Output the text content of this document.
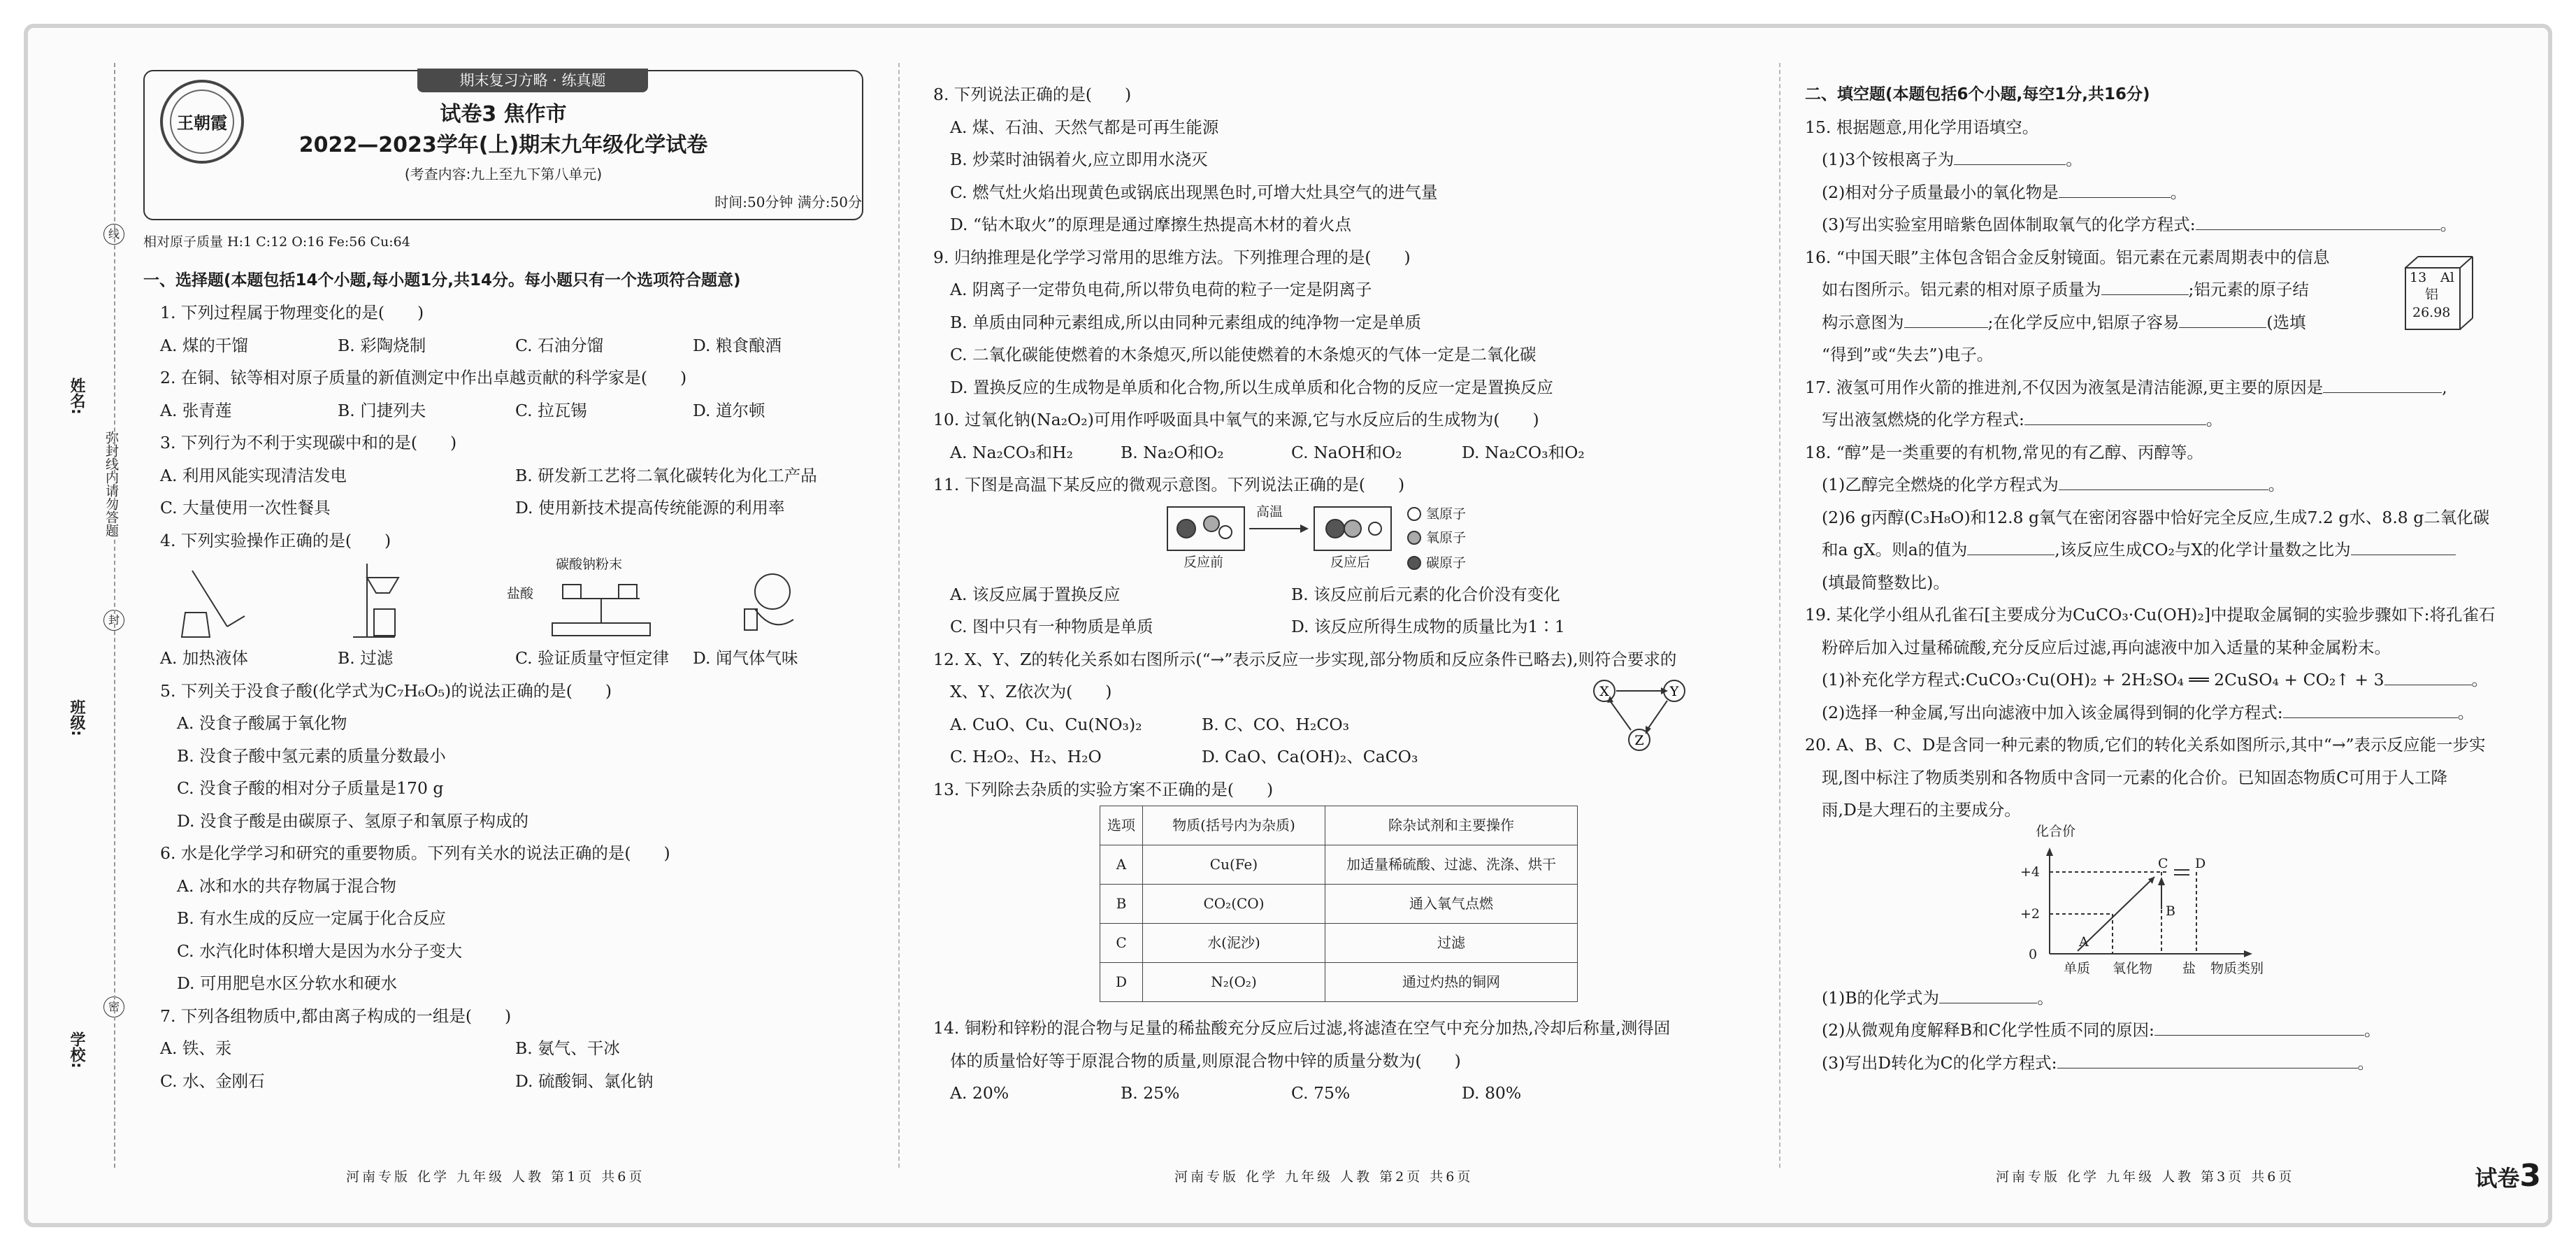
姓名:
班级:
学校:
线
封
密
弥封线内请勿答题
期末复习方略 · 练真题
王朝霞	试卷3 焦作市
2022—2023学年(上)期末九年级化学试卷
(考查内容:九上至九下第八单元)
时间:50分钟 满分:50分
相对原子质量 H:1 C:12 O:16 Fe:56 Cu:64
一、选择题(本题包括14个小题,每小题1分,共14分。每小题只有一个选项符合题意)
1. 下列过程属于物理变化的是(　　)
A. 煤的干馏	B. 彩陶烧制	C. 石油分馏	D. 粮食酿酒
2. 在铜、铱等相对原子质量的新值测定中作出卓越贡献的科学家是(　　)
A. 张青莲	B. 门捷列夫	C. 拉瓦锡	D. 道尔顿
3. 下列行为不利于实现碳中和的是(　　)
A. 利用风能实现清洁发电	B. 研发新工艺将二氧化碳转化为化工产品
C. 大量使用一次性餐具	D. 使用新技术提高传统能源的利用率
4. 下列实验操作正确的是(　　)
碳酸钠粉末
盐酸
A. 加热液体	B. 过滤	C. 验证质量守恒定律	D. 闻气体气味
5. 下列关于没食子酸(化学式为C₇H₆O₅)的说法正确的是(　　)
A. 没食子酸属于氧化物
B. 没食子酸中氢元素的质量分数最小
C. 没食子酸的相对分子质量是170 g
D. 没食子酸是由碳原子、氢原子和氧原子构成的
6. 水是化学学习和研究的重要物质。下列有关水的说法正确的是(　　)
A. 冰和水的共存物属于混合物
B. 有水生成的反应一定属于化合反应
C. 水汽化时体积增大是因为水分子变大
D. 可用肥皂水区分软水和硬水
7. 下列各组物质中,都由离子构成的一组是(　　)
A. 铁、汞	B. 氨气、干冰
C. 水、金刚石	D. 硫酸铜、氯化钠
8. 下列说法正确的是(　　)
A. 煤、石油、天然气都是可再生能源
B. 炒菜时油锅着火,应立即用水浇灭
C. 燃气灶火焰出现黄色或锅底出现黑色时,可增大灶具空气的进气量
D. “钻木取火”的原理是通过摩擦生热提高木材的着火点
9. 归纳推理是化学学习常用的思维方法。下列推理合理的是(　　)
A. 阴离子一定带负电荷,所以带负电荷的粒子一定是阴离子
B. 单质由同种元素组成,所以由同种元素组成的纯净物一定是单质
C. 二氧化碳能使燃着的木条熄灭,所以能使燃着的木条熄灭的气体一定是二氧化碳
D. 置换反应的生成物是单质和化合物,所以生成单质和化合物的反应一定是置换反应
10. 过氧化钠(Na₂O₂)可用作呼吸面具中氧气的来源,它与水反应后的生成物为(　　)
A. Na₂CO₃和H₂	B. Na₂O和O₂	C. NaOH和O₂	D. Na₂CO₃和O₂
11. 下图是高温下某反应的微观示意图。下列说法正确的是(　　)
高温
反应前	反应后
氢原子
氧原子
碳原子
A. 该反应属于置换反应	B. 该反应前后元素的化合价没有变化
C. 图中只有一种物质是单质	D. 该反应所得生成物的质量比为1∶1
12. X、Y、Z的转化关系如右图所示(“→”表示反应一步实现,部分物质和反应条件已略去),则符合要求的
X、Y、Z依次为(　　)
A. CuO、Cu、Cu(NO₃)₂	B. C、CO、H₂CO₃
C. H₂O₂、H₂、H₂O	D. CaO、Ca(OH)₂、CaCO₃
X	Y
Z
13. 下列除去杂质的实验方案不正确的是(　　)
选项	物质(括号内为杂质)	除杂试剂和主要操作
A	Cu(Fe)	加适量稀硫酸、过滤、洗涤、烘干
B	CO₂(CO)	通入氧气点燃
C	水(泥沙)	过滤
D	N₂(O₂)	通过灼热的铜网
14. 铜粉和锌粉的混合物与足量的稀盐酸充分反应后过滤,将滤渣在空气中充分加热,冷却后称量,测得固
体的质量恰好等于原混合物的质量,则原混合物中锌的质量分数为(　　)
A. 20%	B. 25%	C. 75%	D. 80%
二、填空题(本题包括6个小题,每空1分,共16分)
15. 根据题意,用化学用语填空。
(1)3个铵根离子为	。
(2)相对分子质量最小的氧化物是	。
(3)写出实验室用暗紫色固体制取氧气的化学方程式:	。
16. “中国天眼”主体包含铝合金反射镜面。铝元素在元素周期表中的信息
如右图所示。铝元素的相对原子质量为	;铝元素的原子结
构示意图为	;在化学反应中,铝原子容易	(选填
“得到”或“失去”)电子。
13 Al
铝
26.98
17. 液氢可用作火箭的推进剂,不仅因为液氢是清洁能源,更主要的原因是	,
写出液氢燃烧的化学方程式:	。
18. “醇”是一类重要的有机物,常见的有乙醇、丙醇等。
(1)乙醇完全燃烧的化学方程式为	。
(2)6 g丙醇(C₃H₈O)和12.8 g氧气在密闭容器中恰好完全反应,生成7.2 g水、8.8 g二氧化碳
和a gX。则a的值为	,该反应生成CO₂与X的化学计量数之比为
(填最简整数比)。
19. 某化学小组从孔雀石[主要成分为CuCO₃·Cu(OH)₂]中提取金属铜的实验步骤如下:将孔雀石
粉碎后加入过量稀硫酸,充分反应后过滤,再向滤液中加入适量的某种金属粉末。
(1)补充化学方程式:CuCO₃·Cu(OH)₂ + 2H₂SO₄ ══ 2CuSO₄ + CO₂↑ + 3	。
(2)选择一种金属,写出向滤液中加入该金属得到铜的化学方程式:	。
20. A、B、C、D是含同一种元素的物质,它们的转化关系如图所示,其中“→”表示反应能一步实
现,图中标注了物质类别和各物质中含同一元素的化合价。已知固态物质C可用于人工降
雨,D是大理石的主要成分。
化合价
+4
+2
0
单质 氧化物 盐 物质类别
A
B
C D
(1)B的化学式为	。
(2)从微观角度解释B和C化学性质不同的原因:	。
(3)写出D转化为C的化学方程式:	。
河南专版 化学 九年级 人教 第1页 共6页	河南专版 化学 九年级 人教 第2页 共6页	河南专版 化学 九年级 人教 第3页 共6页	试卷3
